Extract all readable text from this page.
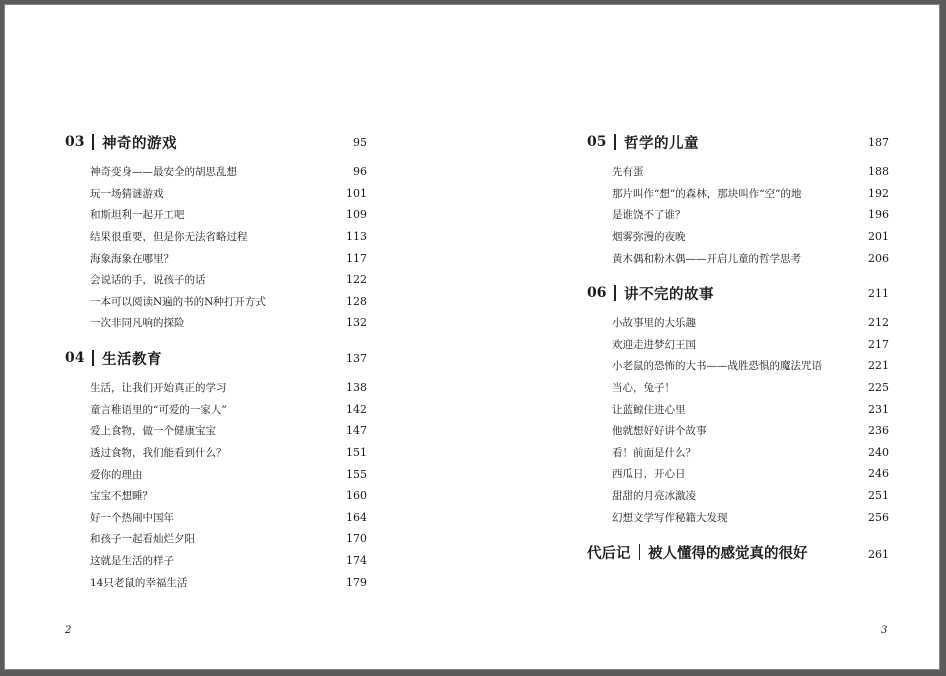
03 神奇的游戏	95
神奇变身——最安全的胡思乱想	96
玩一场猜谜游戏	101
和斯坦利一起开工吧	109
结果很重要，但是你无法省略过程	113
海象海象在哪里？	117
会说话的手，说孩子的话	122
一本可以阅读N遍的书的N种打开方式	128
一次非同凡响的探险	132
04 生活教育	137
生活，让我们开始真正的学习	138
童言稚语里的“可爱的一家人”	142
爱上食物，做一个健康宝宝	147
透过食物，我们能看到什么？	151
爱你的理由	155
宝宝不想睡？	160
好一个热闹中国年	164
和孩子一起看灿烂夕阳	170
这就是生活的样子	174
14只老鼠的幸福生活	179
2
05 哲学的儿童	187
先有蛋	188
那片叫作“想”的森林，那块叫作“空”的地	192
是谁饶不了谁？	196
烟雾弥漫的夜晚	201
黄木偶和粉木偶——开启儿童的哲学思考	206
06 讲不完的故事	211
小故事里的大乐趣	212
欢迎走进梦幻王国	217
小老鼠的恐怖的大书——战胜恐惧的魔法咒语	221
当心，兔子！	225
让蓝鲸住进心里	231
他就想好好讲个故事	236
看！前面是什么？	240
西瓜日，开心日	246
甜甜的月亮冰激凌	251
幻想文学写作秘籍大发现	256
代后记 被人懂得的感觉真的很好	261
3
